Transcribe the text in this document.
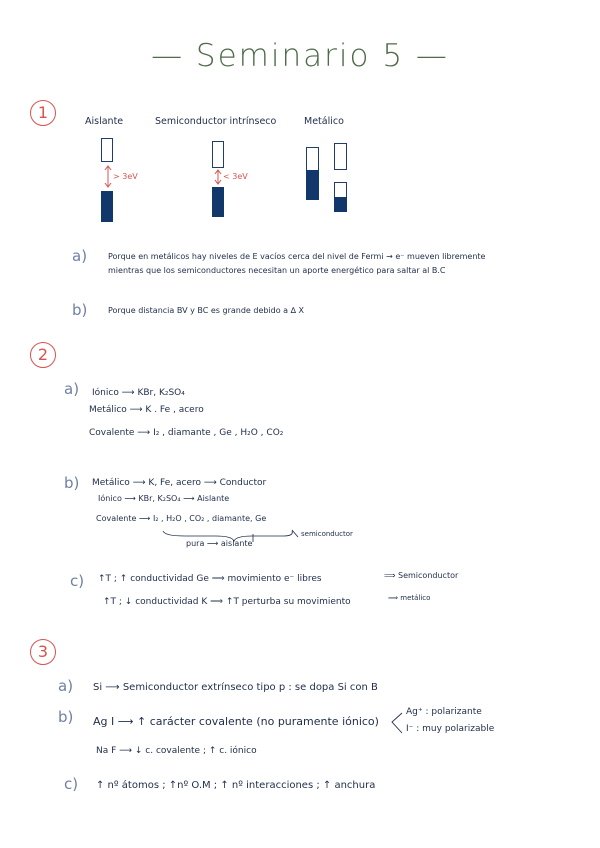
— Seminario 5 —
1	Aislante	Semiconductor intrínseco	Metálico
> 3eV	< 3eV
a)	Porque en metálicos hay niveles de E vacíos cerca del nivel de Fermi → e⁻ mueven libremente
mientras que los semiconductores necesitan un aporte energético para saltar al B.C
b)	Porque distancia BV y BC es grande debido a ∆ X
2
a) Iónico ⟶ KBr, K₂SO₄
Metálico ⟶ K . Fe , acero
Covalente ⟶ I₂ , diamante , Ge , H₂O , CO₂
b) Metálico ⟶ K, Fe, acero ⟶ Conductor
Iónico ⟶ KBr, K₂SO₄ ⟶ Aislante
Covalente ⟶ I₂ , H₂O , CO₂ , diamante, Ge
semiconductor
pura ⟶ aislante
c) ↑T ; ↑ conductividad Ge ⟹ movimiento e⁻ libres	⟹ Semiconductor
↑T ; ↓ conductividad K ⟹ ↑T perturba su movimiento	⟹ metálico
3
a) Si ⟶ Semiconductor extrínseco tipo p : se dopa Si con B
b) Ag I ⟶ ↑ carácter covalente (no puramente iónico)
Ag⁺ : polarizante
I⁻ : muy polarizable
Na F ⟶ ↓ c. covalente ; ↑ c. iónico
c) ↑ nº átomos ; ↑nº O.M ; ↑ nº interacciones ; ↑ anchura
